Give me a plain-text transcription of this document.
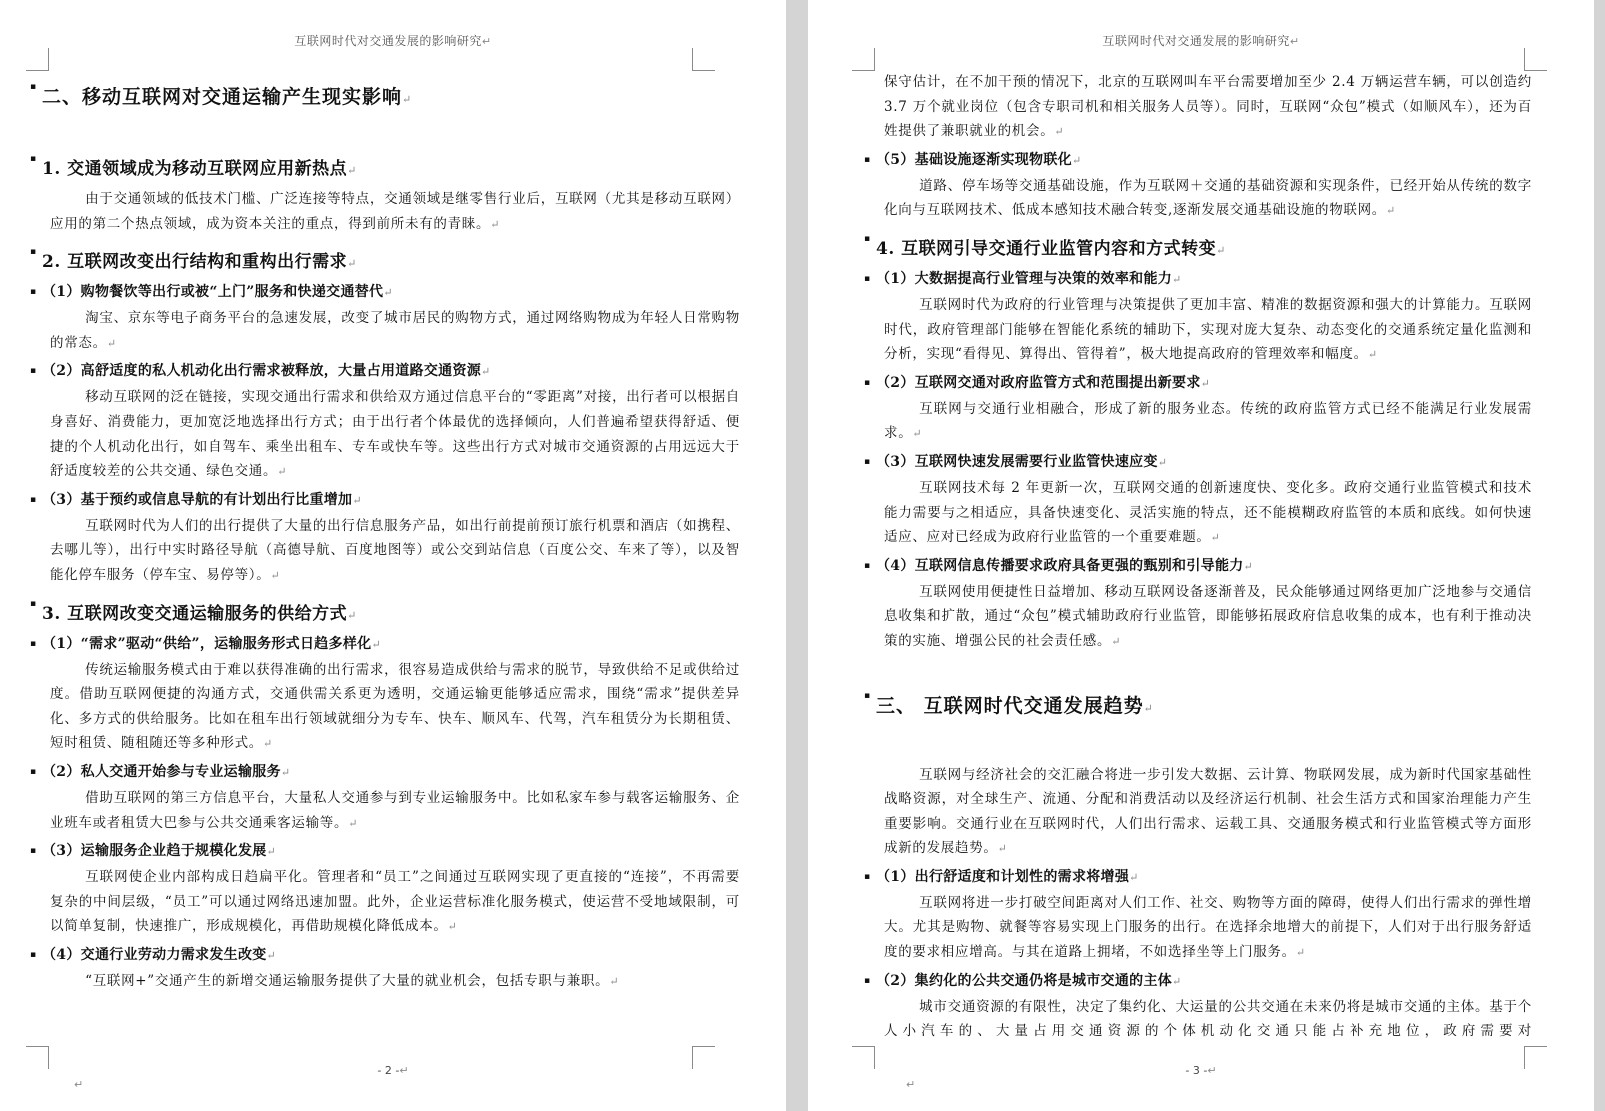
互联网时代对交通发展的影响研究↵
▪ 二、移动互联网对交通运输产生现实影响↵
▪ 1. 交通领域成为移动互联网应用新热点↵
由于交通领域的低技术门槛、广泛连接等特点，交通领域是继零售行业后，互联网（尤其是移动互联网）应用的第二个热点领域，成为资本关注的重点，得到前所未有的青睐。↵
▪ 2. 互联网改变出行结构和重构出行需求↵
▪ （1）购物餐饮等出行或被“上门”服务和快递交通替代↵
淘宝、京东等电子商务平台的急速发展，改变了城市居民的购物方式，通过网络购物成为年轻人日常购物的常态。↵
▪ （2）高舒适度的私人机动化出行需求被释放，大量占用道路交通资源↵
移动互联网的泛在链接，实现交通出行需求和供给双方通过信息平台的“零距离”对接，出行者可以根据自身喜好、消费能力，更加宽泛地选择出行方式；由于出行者个体最优的选择倾向，人们普遍希望获得舒适、便捷的个人机动化出行，如自驾车、乘坐出租车、专车或快车等。这些出行方式对城市交通资源的占用远远大于舒适度较差的公共交通、绿色交通。↵
▪ （3）基于预约或信息导航的有计划出行比重增加↵
互联网时代为人们的出行提供了大量的出行信息服务产品，如出行前提前预订旅行机票和酒店（如携程、去哪儿等），出行中实时路径导航（高德导航、百度地图等）或公交到站信息（百度公交、车来了等），以及智能化停车服务（停车宝、易停等）。↵
▪ 3. 互联网改变交通运输服务的供给方式↵
▪ （1）“需求”驱动“供给”，运输服务形式日趋多样化↵
传统运输服务模式由于难以获得准确的出行需求，很容易造成供给与需求的脱节，导致供给不足或供给过度。借助互联网便捷的沟通方式，交通供需关系更为透明，交通运输更能够适应需求，围绕“需求”提供差异化、多方式的供给服务。比如在租车出行领域就细分为专车、快车、顺风车、代驾，汽车租赁分为长期租赁、短时租赁、随租随还等多种形式。↵
▪ （2）私人交通开始参与专业运输服务↵
借助互联网的第三方信息平台，大量私人交通参与到专业运输服务中。比如私家车参与载客运输服务、企业班车或者租赁大巴参与公共交通乘客运输等。↵
▪ （3）运输服务企业趋于规模化发展↵
互联网使企业内部构成日趋扁平化。管理者和“员工”之间通过互联网实现了更直接的“连接”，不再需要复杂的中间层级，“员工”可以通过网络迅速加盟。此外，企业运营标准化服务模式，使运营不受地域限制，可以简单复制，快速推广，形成规模化，再借助规模化降低成本。↵
▪ （4）交通行业劳动力需求发生改变↵
“互联网+”交通产生的新增交通运输服务提供了大量的就业机会，包括专职与兼职。↵
- 2 -↵
↵
互联网时代对交通发展的影响研究↵
保守估计，在不加干预的情况下，北京的互联网叫车平台需要增加至少 2.4 万辆运营车辆，可以创造约 3.7 万个就业岗位（包含专职司机和相关服务人员等）。同时，互联网“众包”模式（如顺风车），还为百姓提供了兼职就业的机会。↵
▪ （5）基础设施逐渐实现物联化↵
道路、停车场等交通基础设施，作为互联网＋交通的基础资源和实现条件，已经开始从传统的数字化向与互联网技术、低成本感知技术融合转变,逐渐发展交通基础设施的物联网。↵
▪ 4. 互联网引导交通行业监管内容和方式转变↵
▪ （1）大数据提高行业管理与决策的效率和能力↵
互联网时代为政府的行业管理与决策提供了更加丰富、精准的数据资源和强大的计算能力。互联网时代，政府管理部门能够在智能化系统的辅助下，实现对庞大复杂、动态变化的交通系统定量化监测和分析，实现“看得见、算得出、管得着”，极大地提高政府的管理效率和幅度。↵
▪ （2）互联网交通对政府监管方式和范围提出新要求↵
互联网与交通行业相融合，形成了新的服务业态。传统的政府监管方式已经不能满足行业发展需求。↵
▪ （3）互联网快速发展需要行业监管快速应变↵
互联网技术每 2 年更新一次，互联网交通的创新速度快、变化多。政府交通行业监管模式和技术能力需要与之相适应，具备快速变化、灵活实施的特点，还不能模糊政府监管的本质和底线。如何快速适应、应对已经成为政府行业监管的一个重要难题。↵
▪ （4）互联网信息传播要求政府具备更强的甄别和引导能力↵
互联网使用便捷性日益增加、移动互联网设备逐渐普及，民众能够通过网络更加广泛地参与交通信息收集和扩散，通过“众包”模式辅助政府行业监管，即能够拓展政府信息收集的成本，也有利于推动决策的实施、增强公民的社会责任感。↵
▪ 三、 互联网时代交通发展趋势↵
互联网与经济社会的交汇融合将进一步引发大数据、云计算、物联网发展，成为新时代国家基础性战略资源，对全球生产、流通、分配和消费活动以及经济运行机制、社会生活方式和国家治理能力产生重要影响。交通行业在互联网时代，人们出行需求、运载工具、交通服务模式和行业监管模式等方面形成新的发展趋势。↵
▪ （1）出行舒适度和计划性的需求将增强↵
互联网将进一步打破空间距离对人们工作、社交、购物等方面的障碍，使得人们出行需求的弹性增大。尤其是购物、就餐等容易实现上门服务的出行。在选择余地增大的前提下，人们对于出行服务舒适度的要求相应增高。与其在道路上拥堵，不如选择坐等上门服务。↵
▪ （2）集约化的公共交通仍将是城市交通的主体↵
城市交通资源的有限性，决定了集约化、大运量的公共交通在未来仍将是城市交通的主体。基于个人小汽车的、大量占用交通资源的个体机动化交通只能占补充地位，政府需要对
- 3 -↵
↵
